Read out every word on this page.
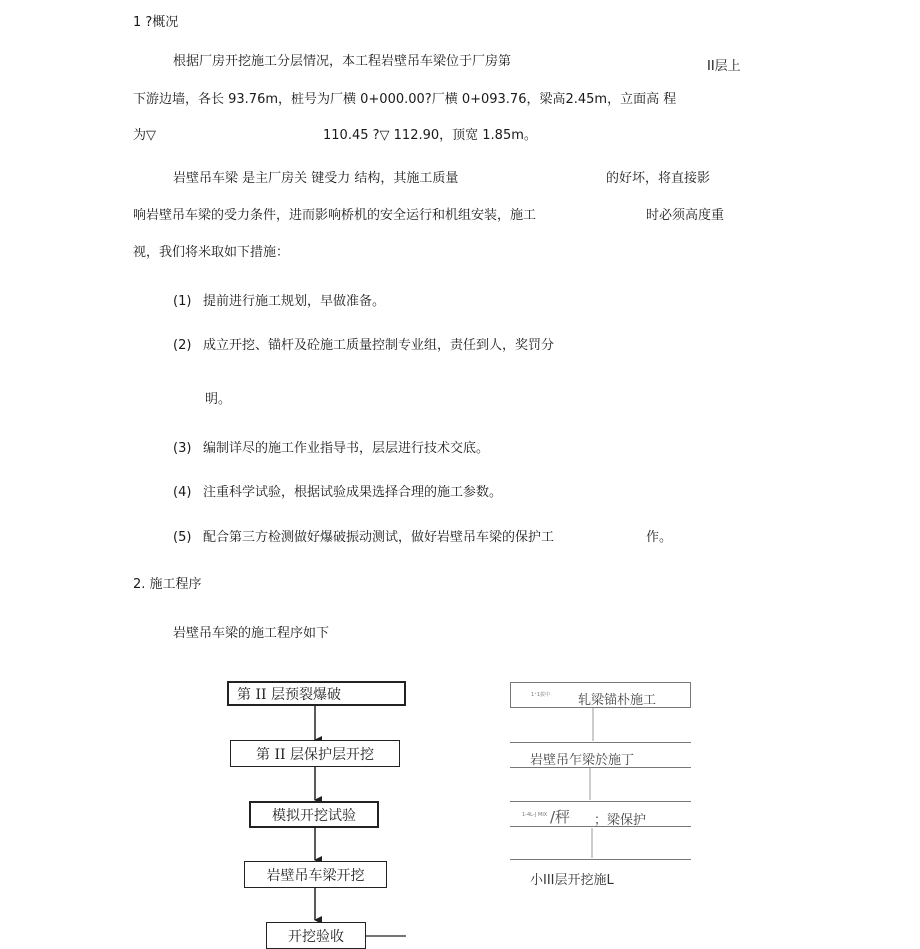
1 ?概况
根据厂房开挖施工分层情况，本工程岩壁吊车梁位于厂房第	II层上
下游边墙，各长 93.76m，桩号为厂横 0+000.00?厂横 0+093.76，梁高2.45m，立面高 程
为▽	110.45 ?▽ 112.90，顶宽 1.85m。
岩壁吊车梁 是主厂房关 键受力 结构，其施工质量	的好坏，将直接影
响岩壁吊车梁的受力条件，进而影响桥机的安全运行和机组安装，施工	时必须高度重
视，我们将米取如下措施：
(1) 提前进行施工规划，早做准备。
(2) 成立开挖、锚杆及砼施工质量控制专业组，责任到人，奖罚分
明。
(3) 编制详尽的施工作业指导书，层层进行技术交底。
(4) 注重科学试验，根据试验成果选择合理的施工参数。
(5) 配合第三方检测做好爆破振动测试，做好岩壁吊车梁的保护工	作。
2. 施工程序
岩壁吊车梁的施工程序如下
第 II 层预裂爆破
第 II 层保护层开挖
模拟开挖试验
岩壁吊车梁开挖
开挖验收
1⁺1拔中 轧梁锚朴施工
岩壁吊乍梁於施丁
1-4L-J MIX /秤 ；梁保护
小III层开挖施L
